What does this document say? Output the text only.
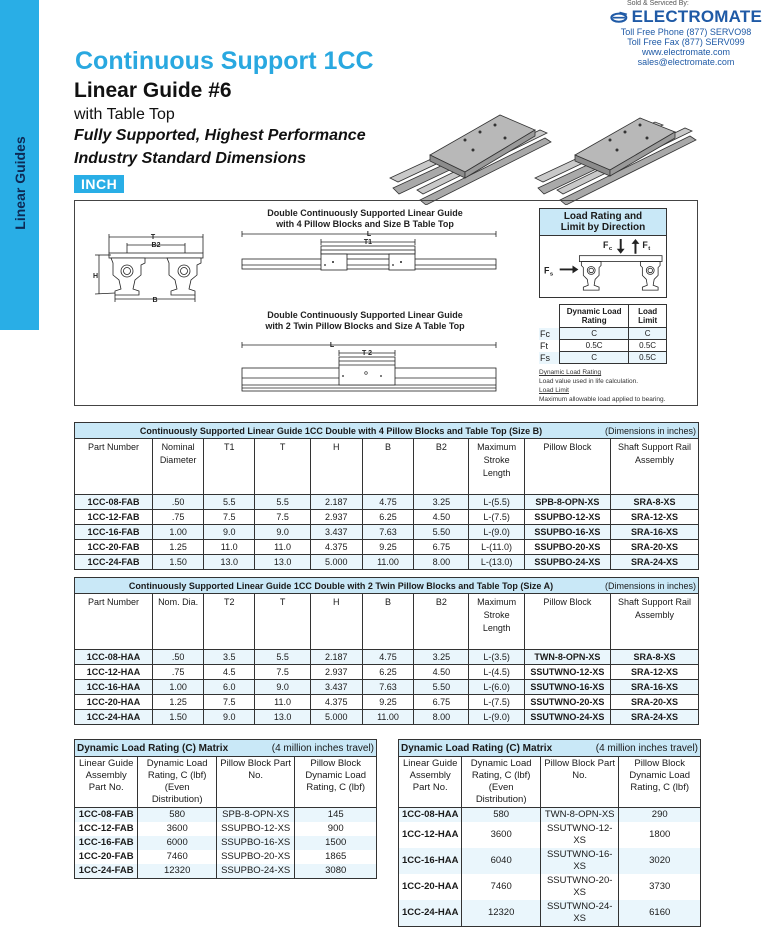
Linear Guides
Sold & Serviced By:
ELECTROMATE
Toll Free Phone (877) SERVO98
Toll Free Fax (877) SERV099
www.electromate.com
sales@electromate.com
Continuous Support 1CC
Linear Guide #6
with Table Top
Fully Supported, Highest Performance
Industry Standard Dimensions
INCH
T
B2
H
B
Double Continuously Supported Linear Guide
with 4 Pillow Blocks and Size B Table Top
L
T1
Double Continuously Supported Linear Guide
with 2 Twin Pillow Blocks and Size A Table Top
L
T 2
Load Rating and
Limit by Direction
F c	F t
F s
	Dynamic Load Rating	Load Limit
Fc	C	C
Ft	0.5C	0.5C
Fs	C	0.5C
Dynamic Load Rating
Load value used in life calculation.
Load Limit
Maximum allowable load applied to bearing.
Continuously Supported Linear Guide 1CC Double with 4 Pillow Blocks and Table Top (Size B) (Dimensions in inches)									

Part Number	Nominal Diameter	T1	T	H	B	B2	Maximum Stroke Length	Pillow Block	Shaft Support Rail Assembly
1CC-08-FAB	.50	5.5	5.5	2.187	4.75	3.25	L-(5.5)	SPB-8-OPN-XS	SRA-8-XS
1CC-12-FAB	.75	7.5	7.5	2.937	6.25	4.50	L-(7.5)	SSUPBO-12-XS	SRA-12-XS
1CC-16-FAB	1.00	9.0	9.0	3.437	7.63	5.50	L-(9.0)	SSUPBO-16-XS	SRA-16-XS
1CC-20-FAB	1.25	11.0	11.0	4.375	9.25	6.75	L-(11.0)	SSUPBO-20-XS	SRA-20-XS
1CC-24-FAB	1.50	13.0	13.0	5.000	11.00	8.00	L-(13.0)	SSUPBO-24-XS	SRA-24-XS
Continuously Supported Linear Guide 1CC Double with 2 Twin Pillow Blocks and Table Top (Size A) (Dimensions in inches)									

Part Number	Nom. Dia.	T2	T	H	B	B2	Maximum Stroke Length	Pillow Block	Shaft Support Rail Assembly
1CC-08-HAA	.50	3.5	5.5	2.187	4.75	3.25	L-(3.5)	TWN-8-OPN-XS	SRA-8-XS
1CC-12-HAA	.75	4.5	7.5	2.937	6.25	4.50	L-(4.5)	SSUTWNO-12-XS	SRA-12-XS
1CC-16-HAA	1.00	6.0	9.0	3.437	7.63	5.50	L-(6.0)	SSUTWNO-16-XS	SRA-16-XS
1CC-20-HAA	1.25	7.5	11.0	4.375	9.25	6.75	L-(7.5)	SSUTWNO-20-XS	SRA-20-XS
1CC-24-HAA	1.50	9.0	13.0	5.000	11.00	8.00	L-(9.0)	SSUTWNO-24-XS	SRA-24-XS
Dynamic Load Rating (C) Matrix (4 million inches travel)			

Linear Guide Assembly Part No.	Dynamic Load Rating, C (lbf) (Even Distribution)	Pillow Block Part No.	Pillow Block Dynamic Load Rating, C (lbf)
1CC-08-FAB	580	SPB-8-OPN-XS	145
1CC-12-FAB	3600	SSUPBO-12-XS	900
1CC-16-FAB	6000	SSUPBO-16-XS	1500
1CC-20-FAB	7460	SSUPBO-20-XS	1865
1CC-24-FAB	12320	SSUPBO-24-XS	3080
Dynamic Load Rating (C) Matrix (4 million inches travel)			

Linear Guide Assembly Part No.	Dynamic Load Rating, C (lbf) (Even Distribution)	Pillow Block Part No.	Pillow Block Dynamic Load Rating, C (lbf)
1CC-08-HAA	580	TWN-8-OPN-XS	290
1CC-12-HAA	3600	SSUTWNO-12-XS	1800
1CC-16-HAA	6040	SSUTWNO-16-XS	3020
1CC-20-HAA	7460	SSUTWNO-20-XS	3730
1CC-24-HAA	12320	SSUTWNO-24-XS	6160
